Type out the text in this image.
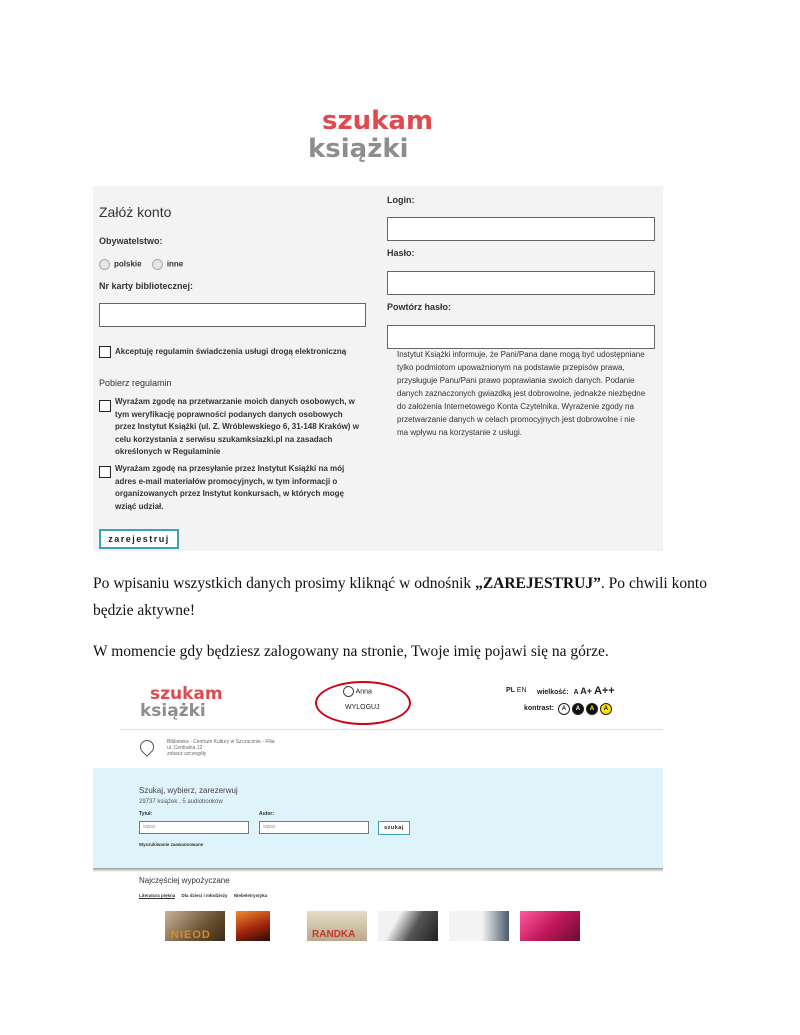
szukam
książki
Załóż konto
Obywatelstwo:
polskie	inne
Nr karty bibliotecznej:
Akceptuję regulamin świadczenia usługi drogą elektroniczną
Pobierz regulamin
Wyrażam zgodę na przetwarzanie moich danych osobowych, w tym weryfikację poprawności podanych danych osobowych przez Instytut Książki (ul. Z. Wróblewskiego 6, 31-148 Kraków) w celu korzystania z serwisu szukamksiazki.pl na zasadach określonych w Regulaminie
Wyrażam zgodę na przesyłanie przez Instytut Książki na mój adres e-mail materiałów promocyjnych, w tym informacji o organizowanych przez Instytut konkursach, w których mogę wziąć udział.
zarejestruj
Login:
Hasło:
Powtórz hasło:
Instytut Książki informuje, że Pani/Pana dane mogą być udostępniane tylko podmiotom upoważnionym na podstawie przepisów prawa, przysługuje Panu/Pani prawo poprawiania swoich danych. Podanie danych zaznaczonych gwiazdką jest dobrowolne, jednakże niezbędne do założenia Internetowego Konta Czytelnika. Wyrażenie zgody na przetwarzanie danych w celach promocyjnych jest dobrowolne i nie ma wpływu na korzystanie z usługi.
Po wpisaniu wszystkich danych prosimy kliknąć w odnośnik „ZAREJESTRUJ”. Po chwili konto będzie aktywne!
W momencie gdy będziesz zalogowany na stronie, Twoje imię pojawi się na górze.
szukam
książki
Anna
WYLOGUJ
PL EN wielkość: A A+ A++
kontrast: A A A A
Biblioteka - Centrum Kultury w Szczucznie - Filia
ul. Centralna 12
zobacz szczegóły
Szukaj, wybierz, zarezerwuj
29737 książek , 5 audiobooków
Tytuł:	Autor:
wpisz	wpisz	szukaj
Wyszukiwanie zaawansowane
Najczęściej wypożyczane
Literatura piękna Dla dzieci i młodzieży Niebeletrystyka
NIEOD	RANDKA
